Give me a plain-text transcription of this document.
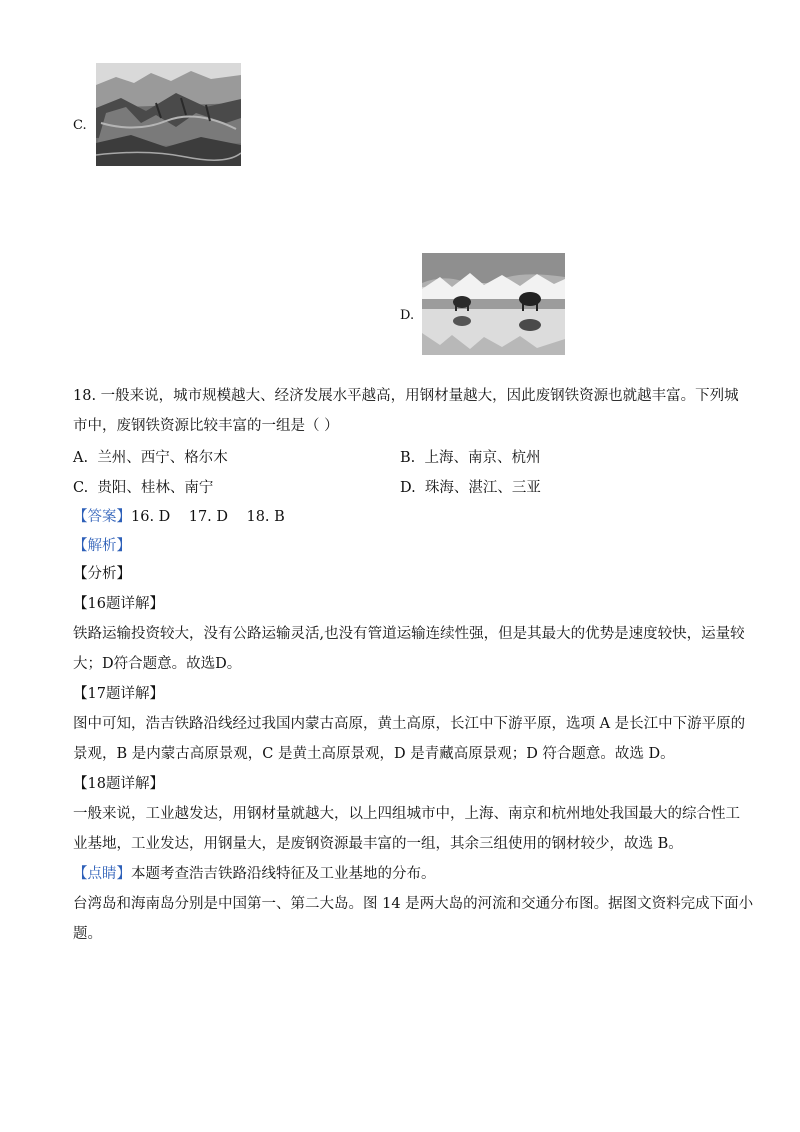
C.
D.
18. 一般来说，城市规模越大、经济发展水平越高，用钢材量越大，因此废钢铁资源也就越丰富。下列城
市中，废钢铁资源比较丰富的一组是（ ）
A. 兰州、西宁、格尔木	B. 上海、南京、杭州
C. 贵阳、桂林、南宁	D. 珠海、湛江、三亚
【答案】16. D 17. D 18. B
【解析】
【分析】
【16题详解】
铁路运输投资较大，没有公路运输灵活,也没有管道运输连续性强，但是其最大的优势是速度较快，运量较
大；D符合题意。故选D。
【17题详解】
图中可知，浩吉铁路沿线经过我国内蒙古高原，黄土高原，长江中下游平原，选项 A 是长江中下游平原的
景观，B 是内蒙古高原景观，C 是黄土高原景观，D 是青藏高原景观；D 符合题意。故选 D。
【18题详解】
一般来说，工业越发达，用钢材量就越大，以上四组城市中，上海、南京和杭州地处我国最大的综合性工
业基地，工业发达，用钢量大，是废钢资源最丰富的一组，其余三组使用的钢材较少，故选 B。
【点睛】本题考查浩吉铁路沿线特征及工业基地的分布。
台湾岛和海南岛分别是中国第一、第二大岛。图 14 是两大岛的河流和交通分布图。据图文资料完成下面小
题。
